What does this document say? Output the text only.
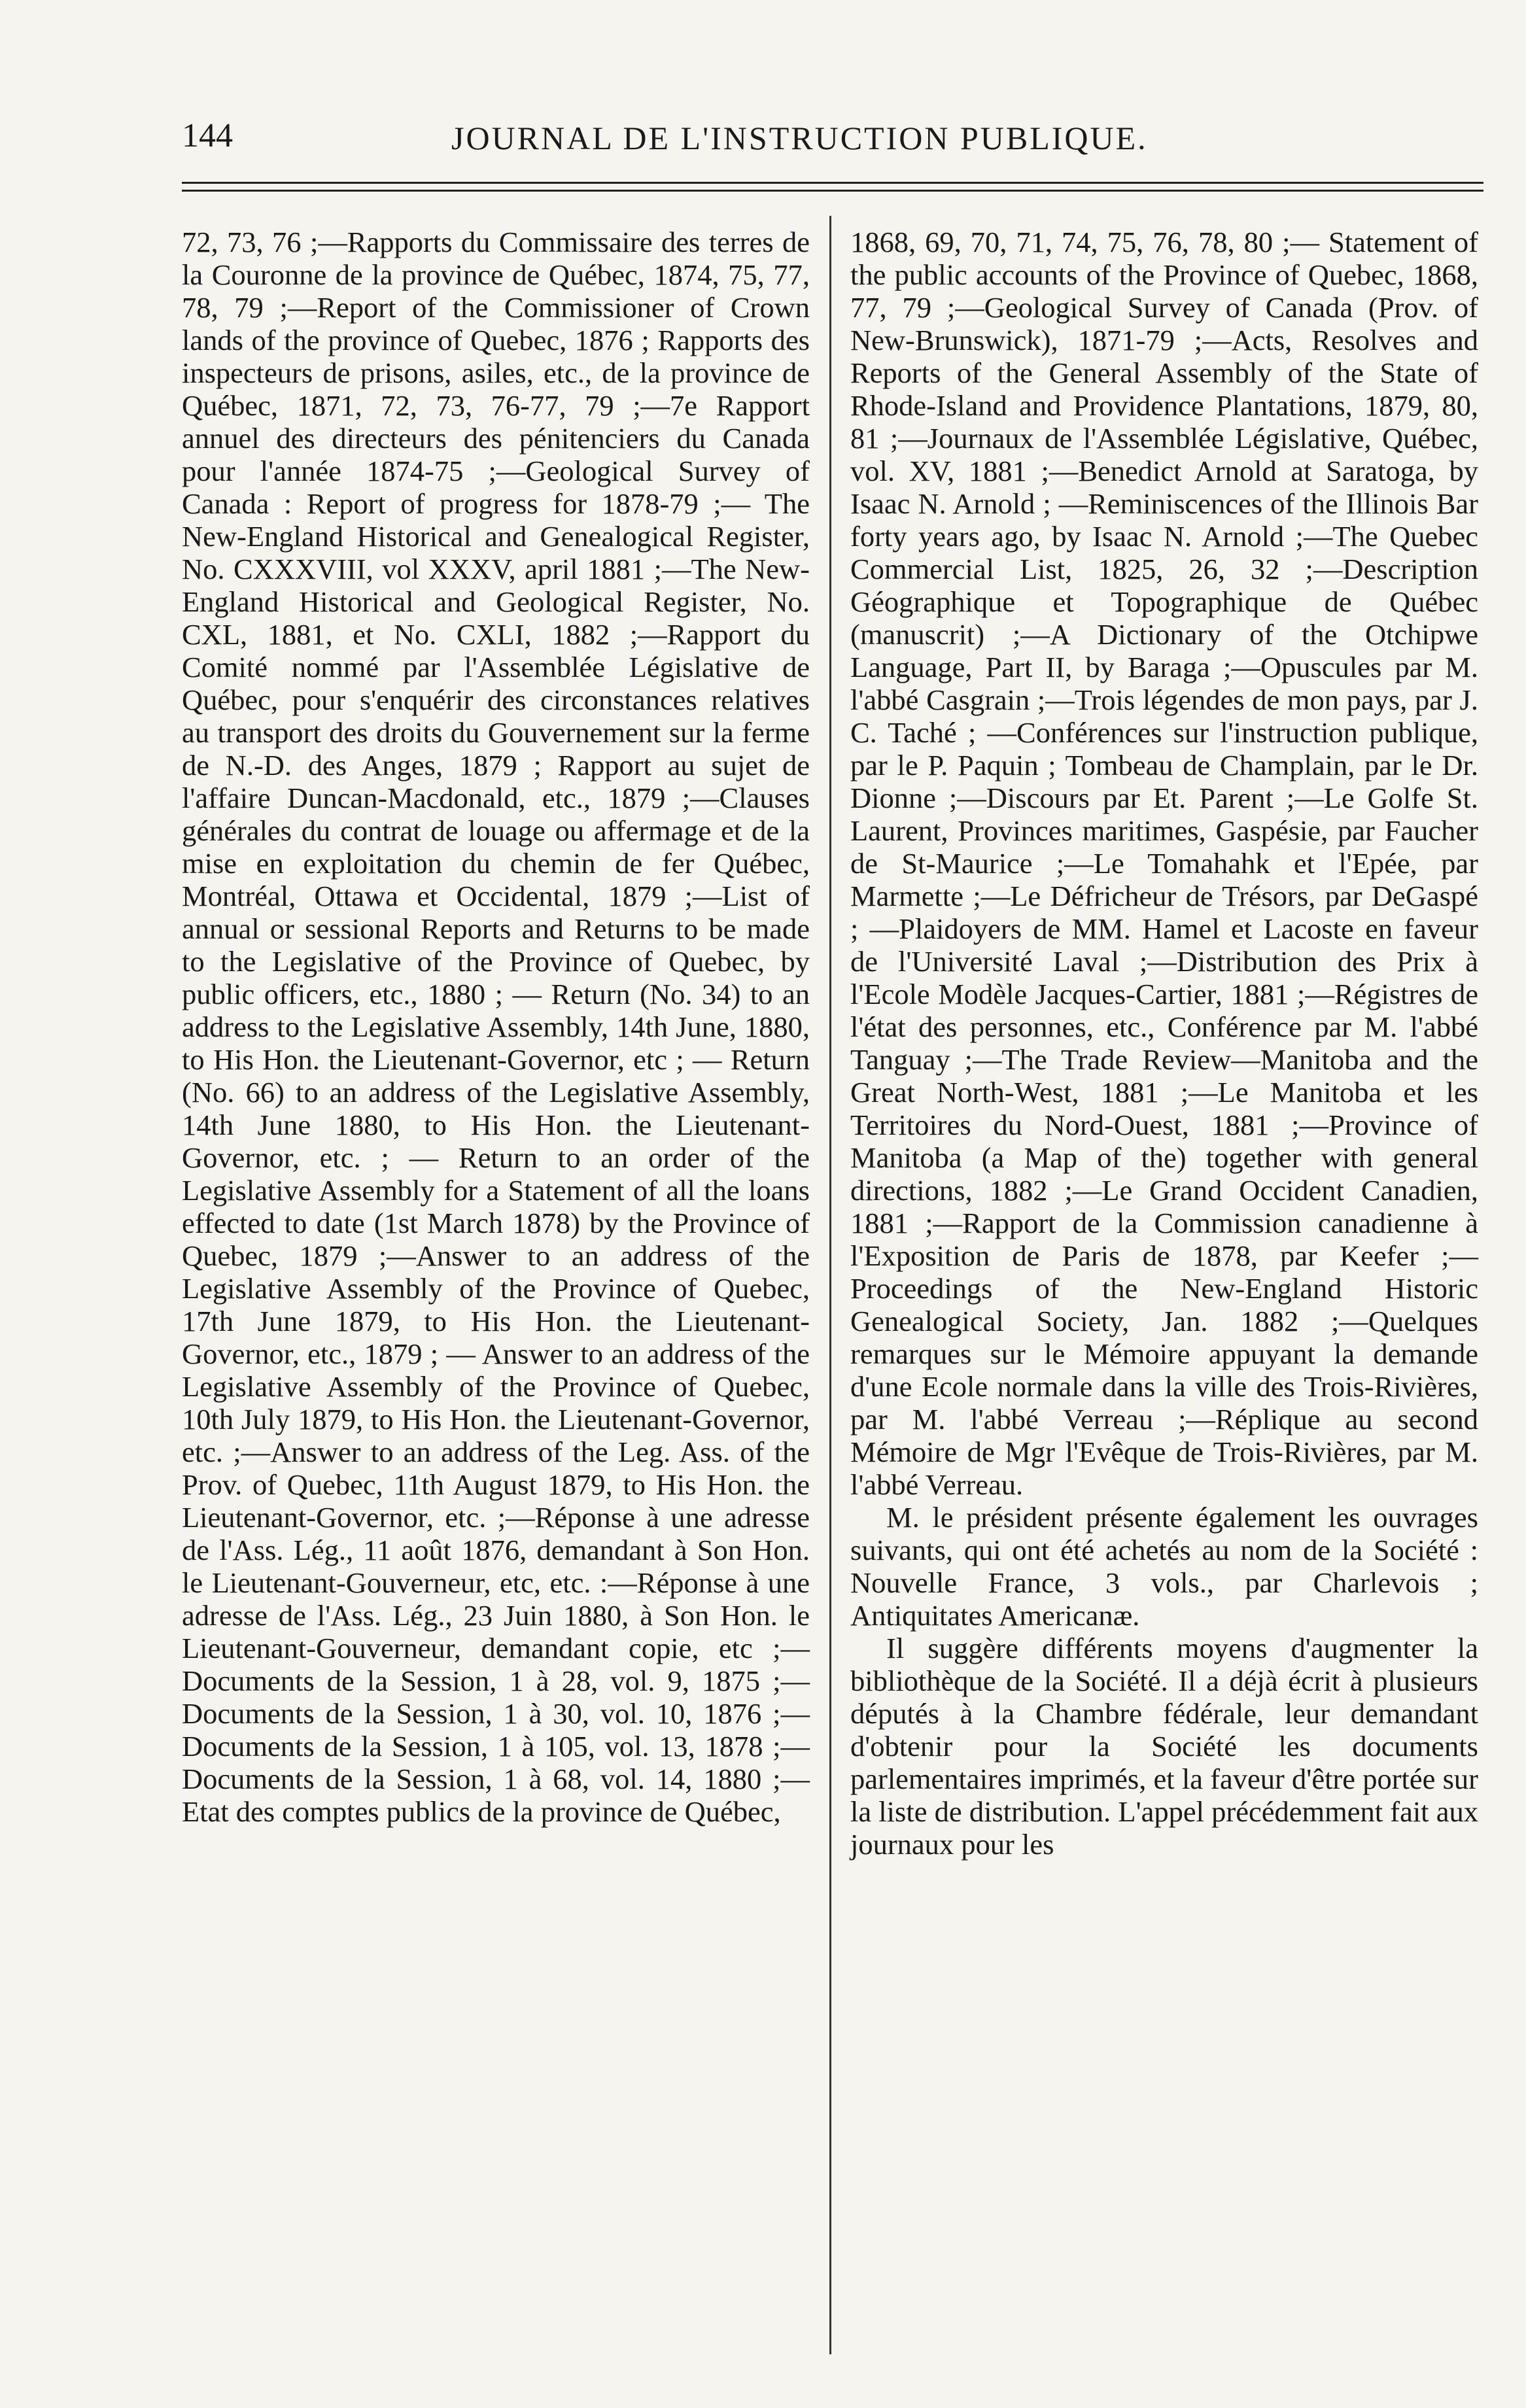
144	JOURNAL DE L'INSTRUCTION PUBLIQUE.

72, 73, 76 ;—Rapports du Commissaire des terres de la Couronne de la province de Québec, 1874, 75, 77, 78, 79 ;—Report of the Commissioner of Crown lands of the province of Quebec, 1876 ; Rapports des inspecteurs de prisons, asiles, etc., de la province de Québec, 1871, 72, 73, 76-77, 79 ;—7e Rapport annuel des directeurs des pénitenciers du Canada pour l'année 1874-75 ;—Geological Survey of Canada : Report of progress for 1878-79 ;— The New-England Historical and Genealogical Register, No. CXXXVIII, vol XXXV, april 1881 ;—The New-England Historical and Geological Register, No. CXL, 1881, et No. CXLI, 1882 ;—Rapport du Comité nommé par l'Assemblée Législative de Québec, pour s'enquérir des circonstances relatives au transport des droits du Gouvernement sur la ferme de N.-D. des Anges, 1879 ; Rapport au sujet de l'affaire Duncan-Macdonald, etc., 1879 ;—Clauses générales du contrat de louage ou affermage et de la mise en exploitation du chemin de fer Québec, Montréal, Ottawa et Occidental, 1879 ;—List of annual or sessional Reports and Returns to be made to the Legislative of the Province of Quebec, by public officers, etc., 1880 ; — Return (No. 34) to an address to the Legislative Assembly, 14th June, 1880, to His Hon. the Lieutenant-Governor, etc ; — Return (No. 66) to an address of the Legislative Assembly, 14th June 1880, to His Hon. the Lieutenant-Governor, etc. ; — Return to an order of the Legislative Assembly for a Statement of all the loans effected to date (1st March 1878) by the Province of Quebec, 1879 ;—Answer to an address of the Legislative Assembly of the Province of Quebec, 17th June 1879, to His Hon. the Lieutenant-Governor, etc., 1879 ; — Answer to an address of the Legislative Assembly of the Province of Quebec, 10th July 1879, to His Hon. the Lieutenant-Governor, etc. ;—Answer to an address of the Leg. Ass. of the Prov. of Quebec, 11th August 1879, to His Hon. the Lieutenant-Governor, etc. ;—Réponse à une adresse de l'Ass. Lég., 11 août 1876, demandant à Son Hon. le Lieutenant-Gouverneur, etc, etc. :—Réponse à une adresse de l'Ass. Lég., 23 Juin 1880, à Son Hon. le Lieutenant-Gouverneur, demandant copie, etc ;—Documents de la Session, 1 à 28, vol. 9, 1875 ;—Documents de la Session, 1 à 30, vol. 10, 1876 ;—Documents de la Session, 1 à 105, vol. 13, 1878 ;—Documents de la Session, 1 à 68, vol. 14, 1880 ;—Etat des comptes publics de la province de Québec,

1868, 69, 70, 71, 74, 75, 76, 78, 80 ;— Statement of the public accounts of the Province of Quebec, 1868, 77, 79 ;—Geological Survey of Canada (Prov. of New-Brunswick), 1871-79 ;—Acts, Resolves and Reports of the General Assembly of the State of Rhode-Island and Providence Plantations, 1879, 80, 81 ;—Journaux de l'Assemblée Législative, Québec, vol. XV, 1881 ;—Benedict Arnold at Saratoga, by Isaac N. Arnold ; —Reminiscences of the Illinois Bar forty years ago, by Isaac N. Arnold ;—The Quebec Commercial List, 1825, 26, 32 ;—Description Géographique et Topographique de Québec (manuscrit) ;—A Dictionary of the Otchipwe Language, Part II, by Baraga ;—Opuscules par M. l'abbé Casgrain ;—Trois légendes de mon pays, par J. C. Taché ; —Conférences sur l'instruction publique, par le P. Paquin ; Tombeau de Champlain, par le Dr. Dionne ;—Discours par Et. Parent ;—Le Golfe St. Laurent, Provinces maritimes, Gaspésie, par Faucher de St-Maurice ;—Le Tomahahk et l'Epée, par Marmette ;—Le Défricheur de Trésors, par DeGaspé ; —Plaidoyers de MM. Hamel et Lacoste en faveur de l'Université Laval ;—Distribution des Prix à l'Ecole Modèle Jacques-Cartier, 1881 ;—Régistres de l'état des personnes, etc., Conférence par M. l'abbé Tanguay ;—The Trade Review—Manitoba and the Great North-West, 1881 ;—Le Manitoba et les Territoires du Nord-Ouest, 1881 ;—Province of Manitoba (a Map of the) together with general directions, 1882 ;—Le Grand Occident Canadien, 1881 ;—Rapport de la Commission canadienne à l'Exposition de Paris de 1878, par Keefer ;—Proceedings of the New-England Historic Genealogical Society, Jan. 1882 ;—Quelques remarques sur le Mémoire appuyant la demande d'une Ecole normale dans la ville des Trois-Rivières, par M. l'abbé Verreau ;—Réplique au second Mémoire de Mgr l'Evêque de Trois-Rivières, par M. l'abbé Verreau.

M. le président présente également les ouvrages suivants, qui ont été achetés au nom de la Société : Nouvelle France, 3 vols., par Charlevois ; Antiquitates Americanæ.

Il suggère différents moyens d'augmenter la bibliothèque de la Société. Il a déjà écrit à plusieurs députés à la Chambre fédérale, leur demandant d'obtenir pour la Société les documents parlementaires imprimés, et la faveur d'être portée sur la liste de distribution. L'appel précédemment fait aux journaux pour les
